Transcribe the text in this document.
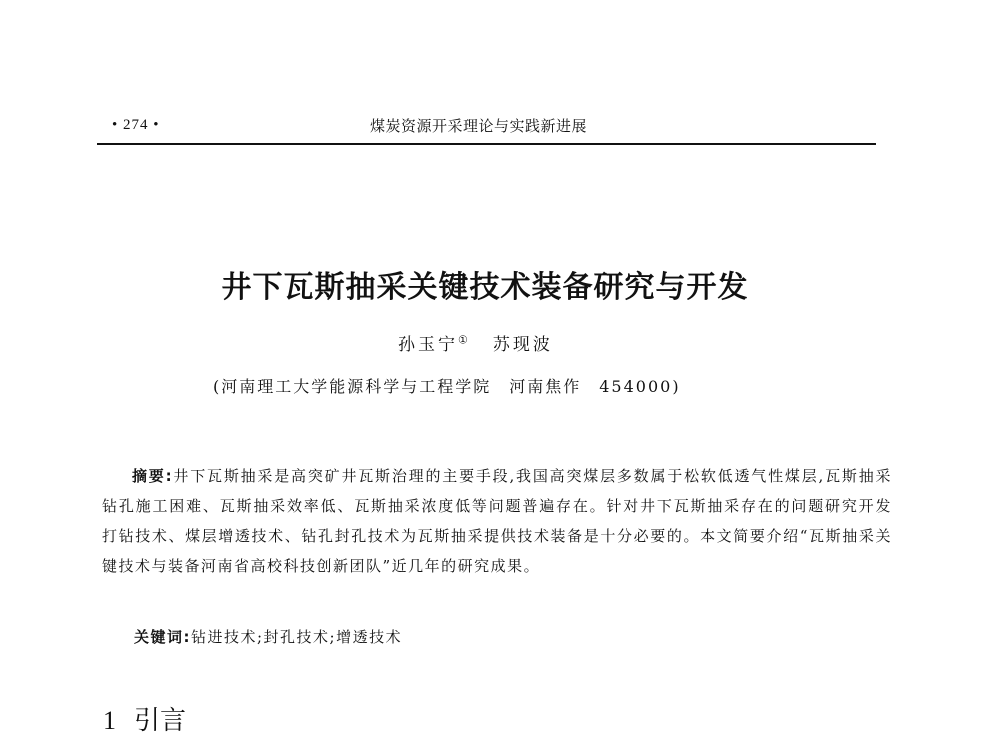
• 274 •	煤炭资源开采理论与实践新进展
井下瓦斯抽采关键技术装备研究与开发
孙玉宁① 苏现波
(河南理工大学能源科学与工程学院　河南焦作　454000)
摘要:井下瓦斯抽采是高突矿井瓦斯治理的主要手段,我国高突煤层多数属于松软低透气性煤层,瓦斯抽采钻孔施工困难、瓦斯抽采效率低、瓦斯抽采浓度低等问题普遍存在。针对井下瓦斯抽采存在的问题研究开发打钻技术、煤层增透技术、钻孔封孔技术为瓦斯抽采提供技术装备是十分必要的。本文简要介绍“瓦斯抽采关键技术与装备河南省高校科技创新团队”近几年的研究成果。
关键词:钻进技术;封孔技术;增透技术
1 引言
